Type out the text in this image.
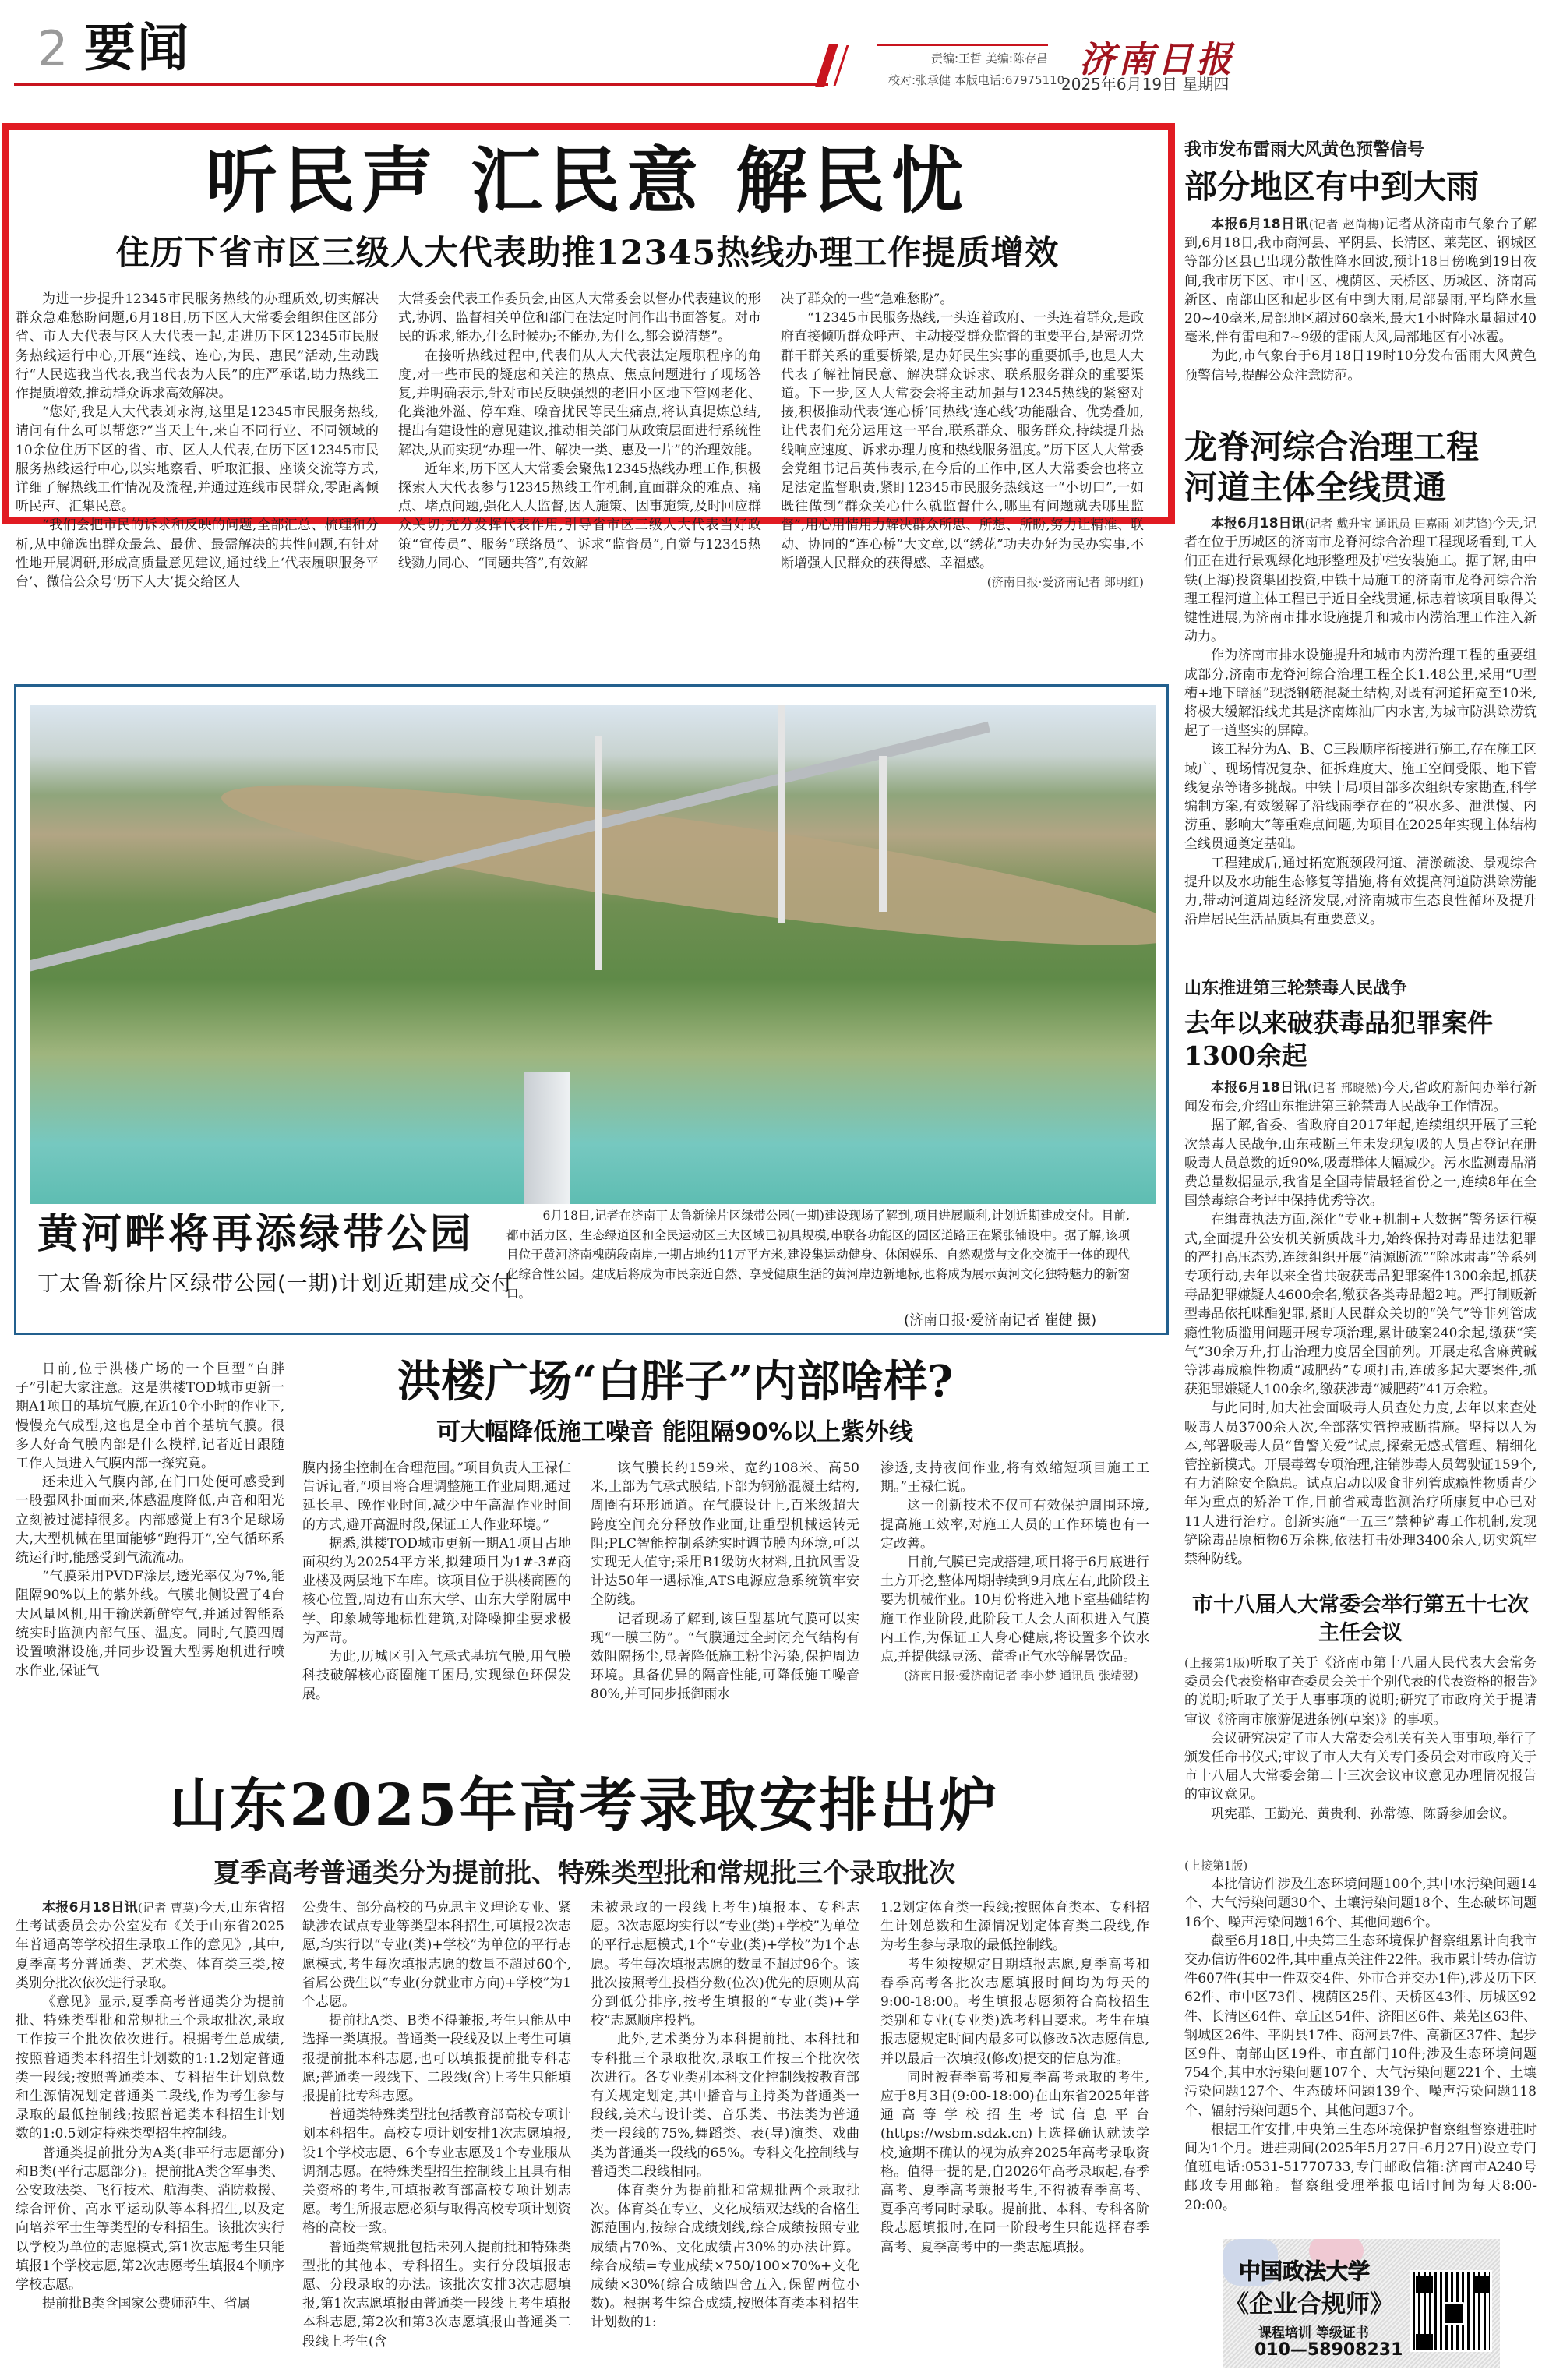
2 要闻	责编:王哲 美编:陈存昌
校对:张承健 本版电话:67975110 济南日报
2025年6月19日 星期四
听民声 汇民意 解民忧
住历下省市区三级人大代表助推12345热线办理工作提质增效

为进一步提升12345市民服务热线的办理质效,切实解决群众急难愁盼问题,6月18日,历下区人大常委会组织住区部分省、市人大代表与区人大代表一起,走进历下区12345市民服务热线运行中心,开展“连线、连心,为民、惠民”活动,生动践行“人民选我当代表,我当代表为人民”的庄严承诺,助力热线工作提质增效,推动群众诉求高效解决。

“您好,我是人大代表刘永海,这里是12345市民服务热线,请问有什么可以帮您?”当天上午,来自不同行业、不同领域的10余位住历下区的省、市、区人大代表,在历下区12345市民服务热线运行中心,以实地察看、听取汇报、座谈交流等方式,详细了解热线工作情况及流程,并通过连线市民群众,零距离倾听民声、汇集民意。

“我们会把市民的诉求和反映的问题,全部汇总、梳理和分析,从中筛选出群众最急、最优、最需解决的共性问题,有针对性地开展调研,形成高质量意见建议,通过线上‘代表履职服务平台’、微信公众号‘历下人大’提交给区人

大常委会代表工作委员会,由区人大常委会以督办代表建议的形式,协调、监督相关单位和部门在法定时间作出书面答复。对市民的诉求,能办,什么时候办;不能办,为什么,都会说清楚”。

在接听热线过程中,代表们从人大代表法定履职程序的角度,对一些市民的疑虑和关注的热点、焦点问题进行了现场答复,并明确表示,针对市民反映强烈的老旧小区地下管网老化、化粪池外溢、停车难、噪音扰民等民生痛点,将认真提炼总结,提出有建设性的意见建议,推动相关部门从政策层面进行系统性解决,从而实现“办理一件、解决一类、惠及一片”的治理效能。

近年来,历下区人大常委会聚焦12345热线办理工作,积极探索人大代表参与12345热线工作机制,直面群众的难点、痛点、堵点问题,强化人大监督,因人施策、因事施策,及时回应群众关切;充分发挥代表作用,引导省市区三级人大代表当好政策“宣传员”、服务“联络员”、诉求“监督员”,自觉与12345热线勠力同心、“同题共答”,有效解

决了群众的一些“急难愁盼”。

“12345市民服务热线,一头连着政府、一头连着群众,是政府直接倾听群众呼声、主动接受群众监督的重要平台,是密切党群干群关系的重要桥梁,是办好民生实事的重要抓手,也是人大代表了解社情民意、解决群众诉求、联系服务群众的重要渠道。下一步,区人大常委会将主动加强与12345热线的紧密对接,积极推动代表‘连心桥’同热线‘连心线’功能融合、优势叠加,让代表们充分运用这一平台,联系群众、服务群众,持续提升热线响应速度、诉求办理力度和热线服务温度。”历下区人大常委会党组书记吕英伟表示,在今后的工作中,区人大常委会也将立足法定监督职责,紧盯12345市民服务热线这一“小切口”,一如既往做到“群众关心什么就监督什么,哪里有问题就去哪里监督”,用心用情用力解决群众所思、所想、所盼,努力让精准、联动、协同的“连心桥”大文章,以“绣花”功夫办好为民办实事,不断增强人民群众的获得感、幸福感。

(济南日报·爱济南记者 郎明红)

黄河畔将再添绿带公园
丁太鲁新徐片区绿带公园(一期)计划近期建成交付

6月18日,记者在济南丁太鲁新徐片区绿带公园(一期)建设现场了解到,项目进展顺利,计划近期建成交付。目前,都市活力区、生态绿道区和全民运动区三大区域已初具规模,串联各功能区的园区道路正在紧张铺设中。据了解,该项目位于黄河济南槐荫段南岸,一期占地约11万平方米,建设集运动健身、休闲娱乐、自然观赏与文化交流于一体的现代化综合性公园。建成后将成为市民亲近自然、享受健康生活的黄河岸边新地标,也将成为展示黄河文化独特魅力的新窗口。

(济南日报·爱济南记者 崔健 摄)

日前,位于洪楼广场的一个巨型“白胖子”引起大家注意。这是洪楼TOD城市更新一期A1项目的基坑气膜,在近10个小时的作业下,慢慢充气成型,这也是全市首个基坑气膜。很多人好奇气膜内部是什么模样,记者近日跟随工作人员进入气膜内部一探究竟。

还未进入气膜内部,在门口处便可感受到一股强风扑面而来,体感温度降低,声音和阳光立刻被过滤掉很多。内部感觉上有3个足球场大,大型机械在里面能够“跑得开”,空气循环系统运行时,能感受到气流流动。

“气膜采用PVDF涂层,透光率仅为7%,能阻隔90%以上的紫外线。气膜北侧设置了4台大风量风机,用于输送新鲜空气,并通过智能系统实时监测内部气压、温度。同时,气膜四周设置喷淋设施,并同步设置大型雾炮机进行喷水作业,保证气

洪楼广场“白胖子”内部啥样?
可大幅降低施工噪音 能阻隔90%以上紫外线

膜内扬尘控制在合理范围。”项目负责人王禄仁告诉记者,“项目将合理调整施工作业周期,通过延长早、晚作业时间,减少中午高温作业时间的方式,避开高温时段,保证工人作业环境。”

据悉,洪楼TOD城市更新一期A1项目占地面积约为20254平方米,拟建项目为1#-3#商业楼及两层地下车库。该项目位于洪楼商圈的核心位置,周边有山东大学、山东大学附属中学、印象城等地标性建筑,对降噪抑尘要求极为严苛。

为此,历城区引入气承式基坑气膜,用气膜科技破解核心商圈施工困局,实现绿色环保发展。

该气膜长约159米、宽约108米、高50米,上部为气承式膜结,下部为钢筋混凝土结构,周圈有环形通道。在气膜设计上,百米级超大跨度空间充分释放作业面,让重型机械运转无阻;PLC智能控制系统实时调节膜内环境,可以实现无人值守;采用B1级防火材料,且抗风雪设计达50年一遇标准,ATS电源应急系统筑牢安全防线。

记者现场了解到,该巨型基坑气膜可以实现“一膜三防”。“气膜通过全封闭充气结构有效阻隔扬尘,显著降低施工粉尘污染,保护周边环境。具备优异的隔音性能,可降低施工噪音80%,并可同步抵御雨水

渗透,支持夜间作业,将有效缩短项目施工工期。”王禄仁说。

这一创新技术不仅可有效保护周围环境,提高施工效率,对施工人员的工作环境也有一定改善。

目前,气膜已完成搭建,项目将于6月底进行土方开挖,整体周期持续到9月底左右,此阶段主要为机械作业。10月份将进入地下室基础结构施工作业阶段,此阶段工人会大面积进入气膜内工作,为保证工人身心健康,将设置多个饮水点,并提供绿豆汤、藿香正气水等解暑饮品。

(济南日报·爱济南记者 李小梦 通讯员 张靖翌)

山东2025年高考录取安排出炉
夏季高考普通类分为提前批、特殊类型批和常规批三个录取批次

本报6月18日讯(记者 曹莫)今天,山东省招生考试委员会办公室发布《关于山东省2025年普通高等学校招生录取工作的意见》,其中,夏季高考分普通类、艺术类、体育类三类,按类别分批次依次进行录取。

《意见》显示,夏季高考普通类分为提前批、特殊类型批和常规批三个录取批次,录取工作按三个批次依次进行。根据考生总成绩,按照普通类本科招生计划数的1:1.2划定普通类一段线;按照普通类本、专科招生计划总数和生源情况划定普通类二段线,作为考生参与录取的最低控制线;按照普通类本科招生计划数的1:0.5划定特殊类型招生控制线。

普通类提前批分为A类(非平行志愿部分)和B类(平行志愿部分)。提前批A类含军事类、公安政法类、飞行技术、航海类、消防救援、综合评价、高水平运动队等本科招生,以及定向培养军士生等类型的专科招生。该批次实行以学校为单位的志愿模式,第1次志愿考生只能填报1个学校志愿,第2次志愿考生填报4个顺序学校志愿。

提前批B类含国家公费师范生、省属

公费生、部分高校的马克思主义理论专业、紧缺涉农试点专业等类型本科招生,可填报2次志愿,均实行以“专业(类)+学校”为单位的平行志愿模式,考生每次填报志愿的数量不超过60个,省属公费生以“专业(分就业市方向)+学校”为1个志愿。

提前批A类、B类不得兼报,考生只能从中选择一类填报。普通类一段线及以上考生可填报提前批本科志愿,也可以填报提前批专科志愿;普通类一段线下、二段线(含)上考生只能填报提前批专科志愿。

普通类特殊类型批包括教育部高校专项计划本科招生。高校专项计划安排1次志愿填报,设1个学校志愿、6个专业志愿及1个专业服从调剂志愿。在特殊类型招生控制线上且具有相关资格的考生,可填报教育部高校专项计划志愿。考生所报志愿必须与取得高校专项计划资格的高校一致。

普通类常规批包括未列入提前批和特殊类型批的其他本、专科招生。实行分段填报志愿、分段录取的办法。该批次安排3次志愿填报,第1次志愿填报由普通类一段线上考生填报本科志愿,第2次和第3次志愿填报由普通类二段线上考生(含

未被录取的一段线上考生)填报本、专科志愿。3次志愿均实行以“专业(类)+学校”为单位的平行志愿模式,1个“专业(类)+学校”为1个志愿。考生每次填报志愿的数量不超过96个。该批次按照考生投档分数(位次)优先的原则从高分到低分排序,按考生填报的“专业(类)+学校”志愿顺序投档。

此外,艺术类分为本科提前批、本科批和专科批三个录取批次,录取工作按三个批次依次进行。各专业类别本科文化控制线按教育部有关规定划定,其中播音与主持类为普通类一段线,美术与设计类、音乐类、书法类为普通类一段线的75%,舞蹈类、表(导)演类、戏曲类为普通类一段线的65%。专科文化控制线与普通类二段线相同。

体育类分为提前批和常规批两个录取批次。体育类在专业、文化成绩双达线的合格生源范围内,按综合成绩划线,综合成绩按照专业成绩占70%、文化成绩占30%的办法计算。综合成绩=专业成绩×750/100×70%+文化成绩×30%(综合成绩四舍五入,保留两位小数)。根据考生综合成绩,按照体育类本科招生计划数的1:

1.2划定体育类一段线;按照体育类本、专科招生计划总数和生源情况划定体育类二段线,作为考生参与录取的最低控制线。

考生须按规定日期填报志愿,夏季高考和春季高考各批次志愿填报时间均为每天的9:00-18:00。考生填报志愿须符合高校招生类别和专业(专业类)选考科目要求。考生在填报志愿规定时间内最多可以修改5次志愿信息,并以最后一次填报(修改)提交的信息为准。

同时被春季高考和夏季高考录取的考生,应于8月3日(9:00-18:00)在山东省2025年普通高等学校招生考试信息平台(https://wsbm.sdzk.cn)上选择确认就读学校,逾期不确认的视为放弃2025年高考录取资格。值得一提的是,自2026年高考录取起,春季高考、夏季高考兼报考生,不得被春季高考、夏季高考同时录取。提前批、本科、专科各阶段志愿填报时,在同一阶段考生只能选择春季高考、夏季高考中的一类志愿填报。

我市发布雷雨大风黄色预警信号
部分地区有中到大雨

本报6月18日讯(记者 赵尚梅)记者从济南市气象台了解到,6月18日,我市商河县、平阴县、长清区、莱芜区、钢城区等部分区县已出现分散性降水回波,预计18日傍晚到19日夜间,我市历下区、市中区、槐荫区、天桥区、历城区、济南高新区、南部山区和起步区有中到大雨,局部暴雨,平均降水量20~40毫米,局部地区超过60毫米,最大1小时降水量超过40毫米,伴有雷电和7~9级的雷雨大风,局部地区有小冰雹。

为此,市气象台于6月18日19时10分发布雷雨大风黄色预警信号,提醒公众注意防范。

龙脊河综合治理工程
河道主体全线贯通

本报6月18日讯(记者 戴升宝 通讯员 田嘉雨 刘艺锋)今天,记者在位于历城区的济南市龙脊河综合治理工程现场看到,工人们正在进行景观绿化地形整理及护栏安装施工。据了解,由中铁(上海)投资集团投资,中铁十局施工的济南市龙脊河综合治理工程河道主体工程已于近日全线贯通,标志着该项目取得关键性进展,为济南市排水设施提升和城市内涝治理工作注入新动力。

作为济南市排水设施提升和城市内涝治理工程的重要组成部分,济南市龙脊河综合治理工程全长1.48公里,采用“U型槽+地下暗涵”现浇钢筋混凝土结构,对既有河道拓宽至10米,将极大缓解沿线尤其是济南炼油厂内水害,为城市防洪除涝筑起了一道坚实的屏障。

该工程分为A、B、C三段顺序衔接进行施工,存在施工区域广、现场情况复杂、征拆难度大、施工空间受限、地下管线复杂等诸多挑战。中铁十局项目部多次组织专家勘查,科学编制方案,有效缓解了沿线雨季存在的“积水多、泄洪慢、内涝重、影响大”等重难点问题,为项目在2025年实现主体结构全线贯通奠定基础。

工程建成后,通过拓宽瓶颈段河道、清淤疏浚、景观综合提升以及水功能生态修复等措施,将有效提高河道防洪除涝能力,带动河道周边经济发展,对济南城市生态良性循环及提升沿岸居民生活品质具有重要意义。

山东推进第三轮禁毒人民战争
去年以来破获毒品犯罪案件1300余起

本报6月18日讯(记者 邢晓然)今天,省政府新闻办举行新闻发布会,介绍山东推进第三轮禁毒人民战争工作情况。

据了解,省委、省政府自2017年起,连续组织开展了三轮次禁毒人民战争,山东戒断三年未发现复吸的人员占登记在册吸毒人员总数的近90%,吸毒群体大幅减少。污水监测毒品消费总量数据显示,我省是全国毒情最轻省份之一,连续8年在全国禁毒综合考评中保持优秀等次。

在缉毒执法方面,深化“专业+机制+大数据”警务运行模式,全面提升公安机关新质战斗力,始终保持对毒品违法犯罪的严打高压态势,连续组织开展“清源断流”“除冰肃毒”等系列专项行动,去年以来全省共破获毒品犯罪案件1300余起,抓获毒品犯罪嫌疑人4600余名,缴获各类毒品超2吨。严打制贩新型毒品依托咪酯犯罪,紧盯人民群众关切的“笑气”等非列管成瘾性物质滥用问题开展专项治理,累计破案240余起,缴获“笑气”30余万升,打击治理力度居全国前列。开展走私含麻黄碱等涉毒成瘾性物质“减肥药”专项打击,连破多起大要案件,抓获犯罪嫌疑人100余名,缴获涉毒“减肥药”41万余粒。

与此同时,加大社会面吸毒人员查处力度,去年以来查处吸毒人员3700余人次,全部落实管控戒断措施。坚持以人为本,部署吸毒人员“鲁警关爱”试点,探索无感式管理、精细化管控新模式。开展毒驾专项治理,注销涉毒人员驾驶证159个,有力消除安全隐患。试点启动以吸食非列管成瘾性物质青少年为重点的矫治工作,目前省戒毒监测治疗所康复中心已对11人进行治疗。创新实施“一五三”禁种铲毒工作机制,发现铲除毒品原植物6万余株,依法打击处理3400余人,切实筑牢禁种防线。

市十八届人大常委会举行第五十七次主任会议

(上接第1版)听取了关于《济南市第十八届人民代表大会常务委员会代表资格审查委员会关于个别代表的代表资格的报告》的说明;听取了关于人事事项的说明;研究了市政府关于提请审议《济南市旅游促进条例(草案)》的事项。

会议研究决定了市人大常委会机关有关人事事项,举行了颁发任命书仪式;审议了市人大有关专门委员会对市政府关于市十八届人大常委会第二十三次会议审议意见办理情况报告的审议意见。

巩宪群、王勤光、黄贵利、孙常德、陈爵参加会议。

(上接第1版)

本批信访件涉及生态环境问题100个,其中水污染问题14个、大气污染问题30个、土壤污染问题18个、生态破坏问题16个、噪声污染问题16个、其他问题6个。

截至6月18日,中央第三生态环境保护督察组累计向我市交办信访件602件,其中重点关注件22件。我市累计转办信访件607件(其中一件双交4件、外市合并交办1件),涉及历下区62件、市中区73件、槐荫区25件、天桥区43件、历城区92件、长清区64件、章丘区54件、济阳区6件、莱芜区63件、钢城区26件、平阴县17件、商河县7件、高新区37件、起步区9件、南部山区19件、市直部门10件;涉及生态环境问题754个,其中水污染问题107个、大气污染问题221个、土壤污染问题127个、生态破坏问题139个、噪声污染问题118个、辐射污染问题5个、其他问题37个。

根据工作安排,中央第三生态环境保护督察组督察进驻时间为1个月。进驻期间(2025年5月27日-6月27日)设立专门值班电话:0531-51770733,专门邮政信箱:济南市A240号邮政专用邮箱。督察组受理举报电话时间为每天8:00-20:00。

中国政法大学
《企业合规师》
课程培训 等级证书
010—58908231
